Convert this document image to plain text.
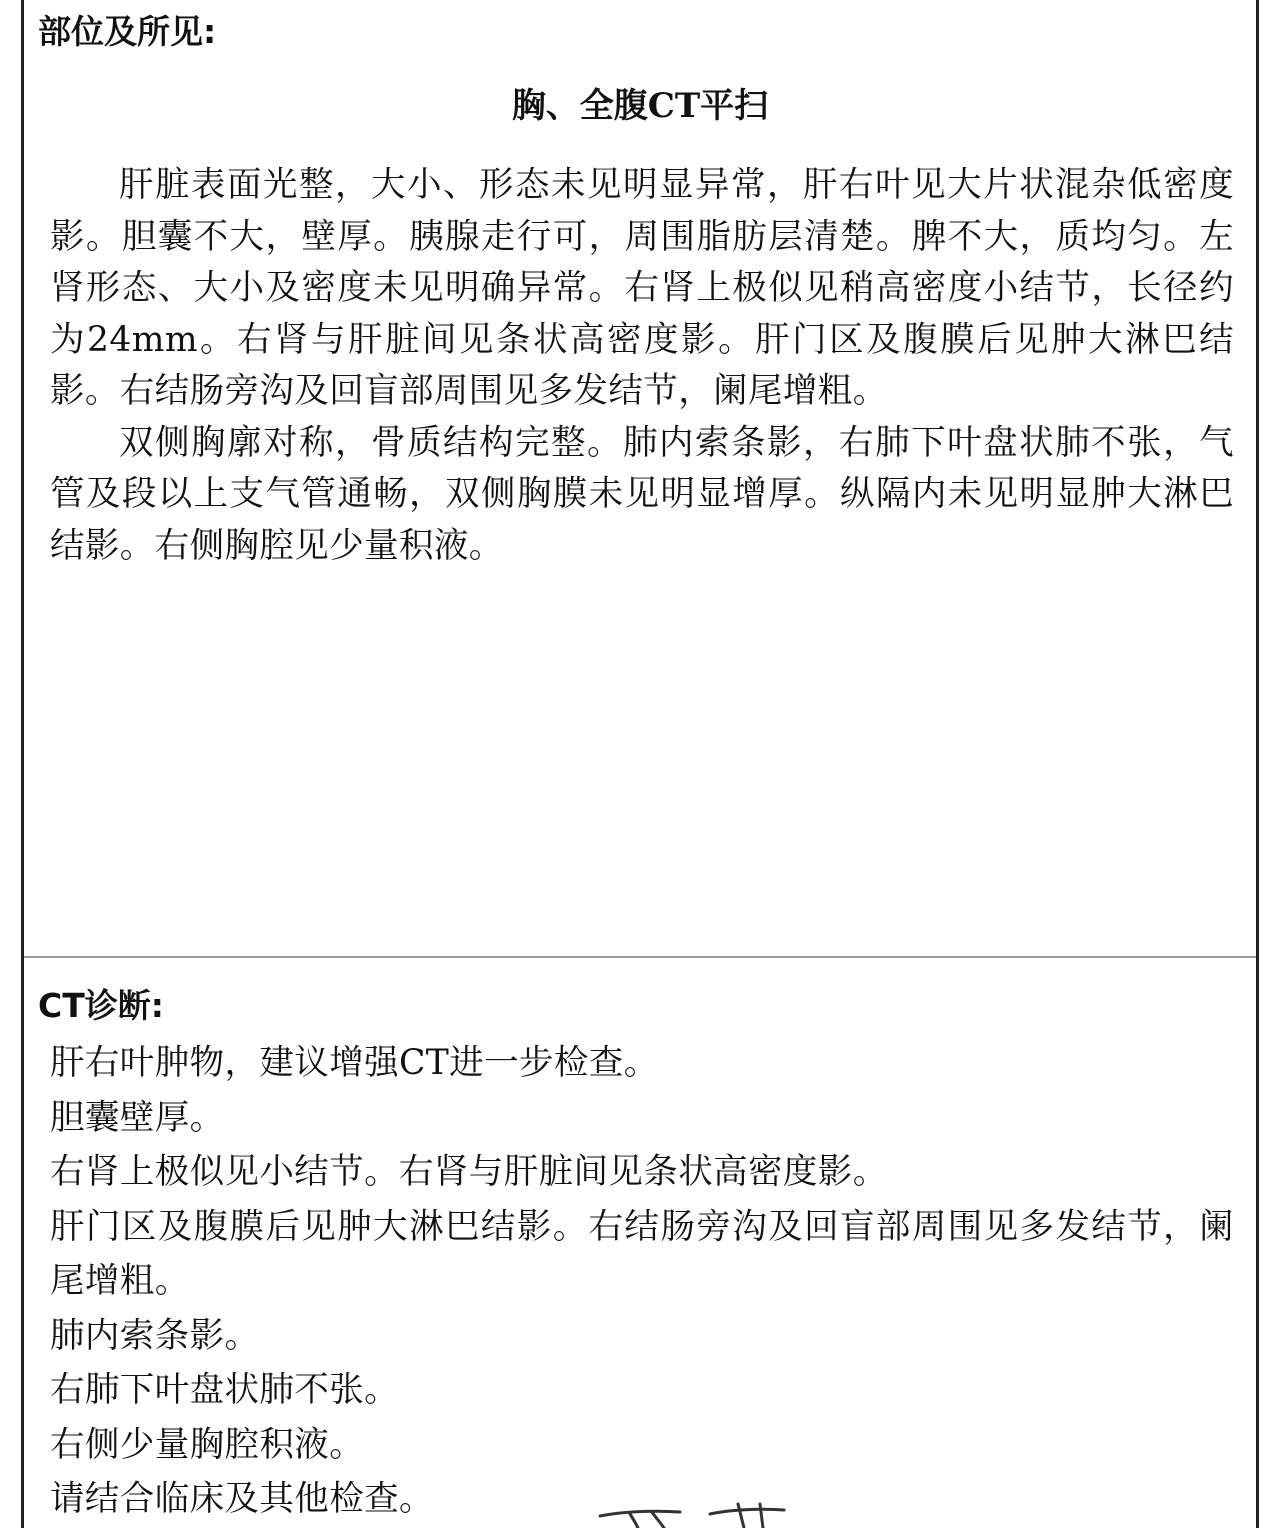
部位及所见:
胸、全腹CT平扫

肝脏表面光整，大小、形态未见明显异常，肝右叶见大片状混杂低密度影。胆囊不大，壁厚。胰腺走行可，周围脂肪层清楚。脾不大，质均匀。左肾形态、大小及密度未见明确异常。右肾上极似见稍高密度小结节，长径约为24mm。右肾与肝脏间见条状高密度影。肝门区及腹膜后见肿大淋巴结影。右结肠旁沟及回盲部周围见多发结节，阑尾增粗。

双侧胸廓对称，骨质结构完整。肺内索条影，右肺下叶盘状肺不张，气管及段以上支气管通畅，双侧胸膜未见明显增厚。纵隔内未见明显肿大淋巴结影。右侧胸腔见少量积液。

CT诊断:
肝右叶肿物，建议增强CT进一步检查。
胆囊壁厚。
右肾上极似见小结节。右肾与肝脏间见条状高密度影。
肝门区及腹膜后见肿大淋巴结影。右结肠旁沟及回盲部周围见多发结节，阑尾增粗。
肺内索条影。
右肺下叶盘状肺不张。
右侧少量胸腔积液。
请结合临床及其他检查。
